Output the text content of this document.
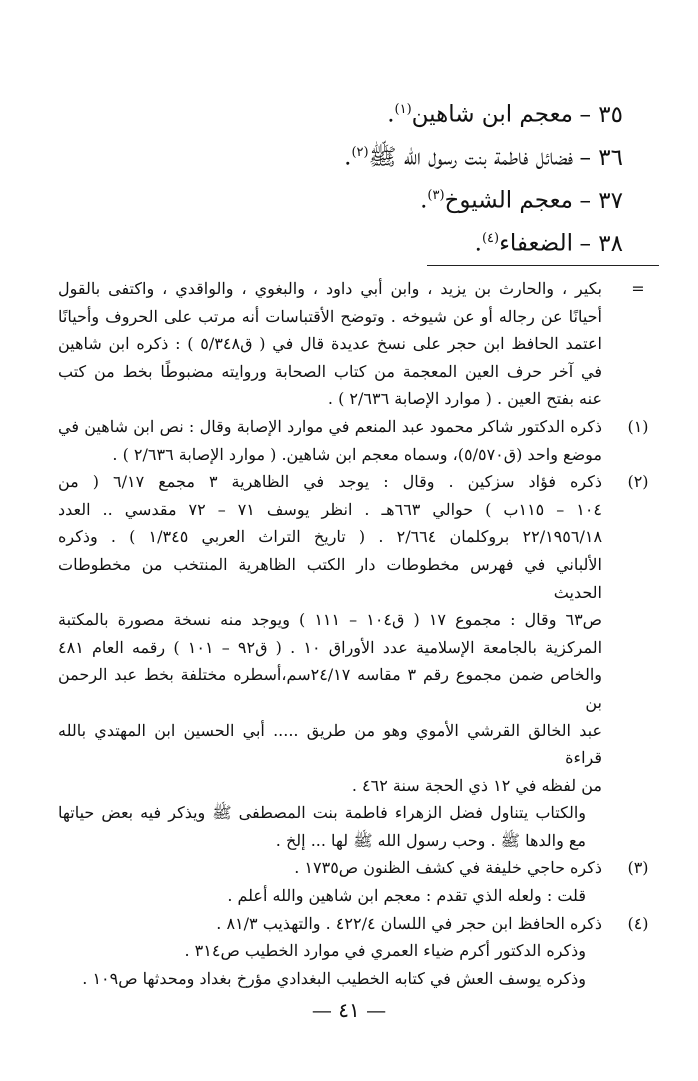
٣٥ –معجم ابن شاهين$^{(١)}$.
٣٦ –فضائل فاطمة بنت رسول الله ﷺ$^{(٢)}$.
٣٧ –معجم الشيوخ$^{(٣)}$.
٣٨ –الضعفاء$^{(٤)}$.
=

بكير ، والحارث بن يزيد ، وابن أبي داود ، والبغوي ، والواقدي ، واكتفى بالقول

أحيانًا عن رجاله أو عن شيوخه . وتوضح الأقتباسات أنه مرتب على الحروف وأحيانًا

اعتمد الحافظ ابن حجر على نسخ عديدة قال في ( ق٥/٣٤٨ ) : ذكره ابن شاهين

في آخر حرف العين المعجمة من كتاب الصحابة وروايته مضبوطًا بخط من كتب

عنه بفتح العين . ( موارد الإصابة ٢/٦٣٦ ) .

(١)

ذكره الدكتور شاكر محمود عبد المنعم في موارد الإصابة وقال : نص ابن شاهين في

موضع واحد (ق٥/٥٧٠)، وسماه معجم ابن شاهين. ( موارد الإصابة ٢/٦٣٦ ) .

(٢)

ذكره فؤاد سزكين . وقال : يوجد في الظاهرية ٣ مجمع ٦/١٧ ( من

١٠٤ – ١١٥ب ) حوالي ٦٦٣هـ . انظر يوسف ٧١ – ٧٢ مقدسي .. العدد

٢٢/١٩٥٦/١٨ بروكلمان ٢/٦٦٤ . ( تاريخ التراث العربي ١/٣٤٥ ) . وذكره

الألباني في فهرس مخطوطات دار الكتب الظاهرية المنتخب من مخطوطات الحديث

ص٦٣ وقال : مجموع ١٧ ( ق١٠٤ – ١١١ ) ويوجد منه نسخة مصورة بالمكتبة

المركزية بالجامعة الإسلامية عدد الأوراق ١٠ . ( ق٩٢ – ١٠١ ) رقمه العام ٤٨١

والخاص ضمن مجموع رقم ٣ مقاسه ٢٤/١٧سم،أسطره مختلفة بخط عبد الرحمن بن

عبد الخالق القرشي الأموي وهو من طريق ..... أبي الحسين ابن المهتدي بالله قراءة

من لفظه في ١٢ ذي الحجة سنة ٤٦٢ .

والكتاب يتناول فضل الزهراء فاطمة بنت المصطفى ﷺ ويذكر فيه بعض حياتها

مع والدها ﷺ . وحب رسول الله ﷺ لها ... إلخ .

(٣)

ذكره حاجي خليفة في كشف الظنون ص١٧٣٥ .

قلت : ولعله الذي تقدم : معجم ابن شاهين والله أعلم .

(٤)

ذكره الحافظ ابن حجر في اللسان ٤٢٢/٤ . والتهذيب ٨١/٣ .

وذكره الدكتور أكرم ضياء العمري في موارد الخطيب ص٣١٤ .

وذكره يوسف العش في كتابه الخطيب البغدادي مؤرخ بغداد ومحدثها ص١٠٩ .

— ٤١ —
